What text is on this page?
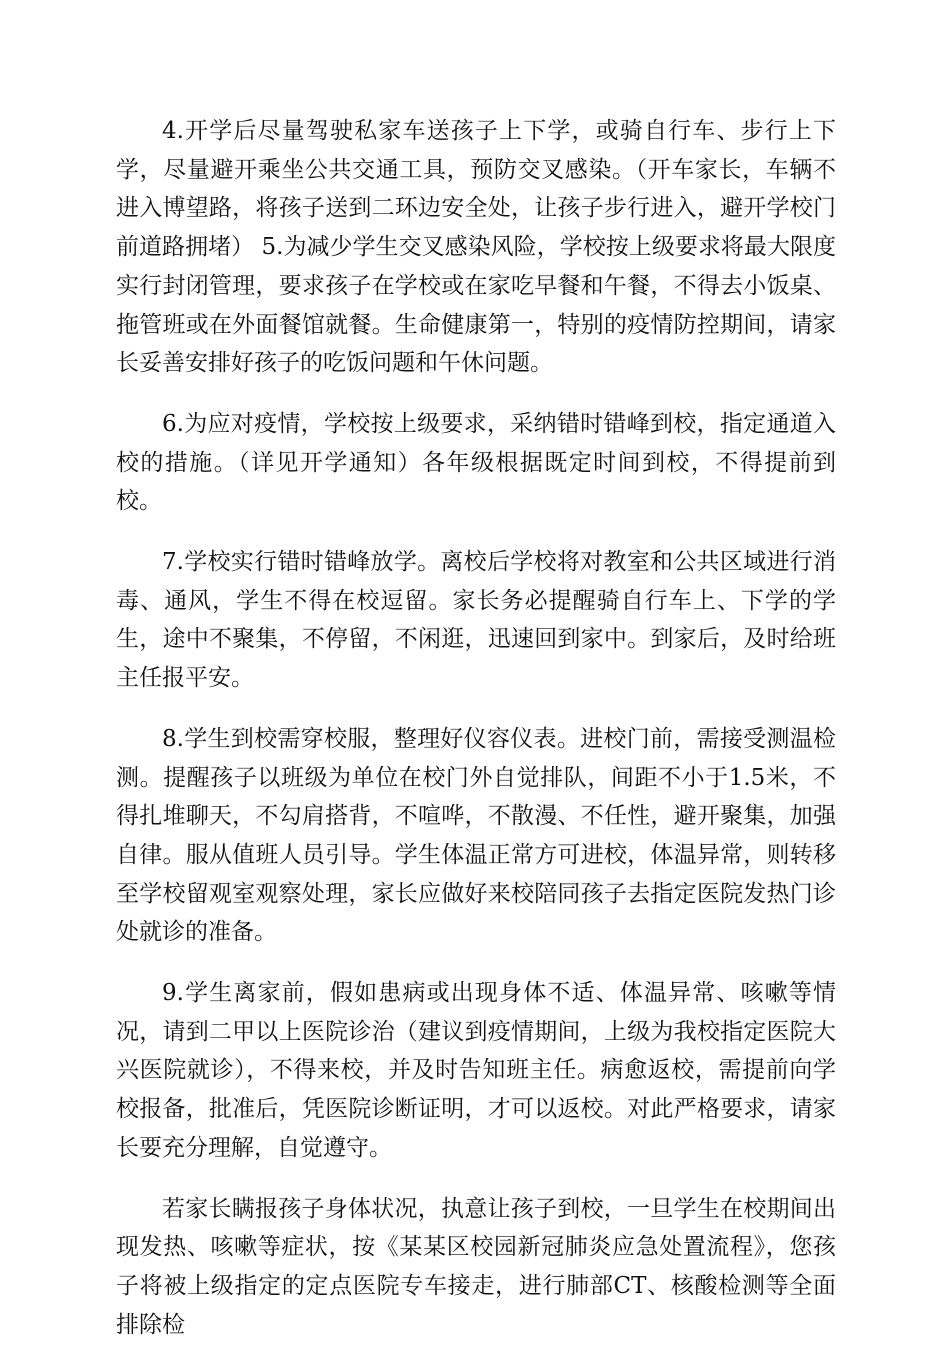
4.开学后尽量驾驶私家车送孩子上下学，或骑自行车、步行上下学，尽量避开乘坐公共交通工具，预防交叉感染。（开车家长，车辆不进入博望路，将孩子送到二环边安全处，让孩子步行进入，避开学校门前道路拥堵） 5.为减少学生交叉感染风险，学校按上级要求将最大限度实行封闭管理，要求孩子在学校或在家吃早餐和午餐，不得去小饭桌、拖管班或在外面餐馆就餐。生命健康第一，特别的疫情防控期间，请家长妥善安排好孩子的吃饭问题和午休问题。

6.为应对疫情，学校按上级要求，采纳错时错峰到校，指定通道入校的措施。（详见开学通知）各年级根据既定时间到校，不得提前到校。

7.学校实行错时错峰放学。离校后学校将对教室和公共区域进行消毒、通风，学生不得在校逗留。家长务必提醒骑自行车上、下学的学生，途中不聚集，不停留，不闲逛，迅速回到家中。到家后，及时给班主任报平安。

8.学生到校需穿校服，整理好仪容仪表。进校门前，需接受测温检测。提醒孩子以班级为单位在校门外自觉排队，间距不小于1.5米，不得扎堆聊天，不勾肩搭背，不喧哗，不散漫、不任性，避开聚集，加强自律。服从值班人员引导。学生体温正常方可进校，体温异常，则转移至学校留观室观察处理，家长应做好来校陪同孩子去指定医院发热门诊处就诊的准备。

9.学生离家前，假如患病或出现身体不适、体温异常、咳嗽等情况，请到二甲以上医院诊治（建议到疫情期间，上级为我校指定医院大兴医院就诊），不得来校，并及时告知班主任。病愈返校，需提前向学校报备，批准后，凭医院诊断证明，才可以返校。对此严格要求，请家长要充分理解，自觉遵守。

若家长瞒报孩子身体状况，执意让孩子到校，一旦学生在校期间出现发热、咳嗽等症状，按《某某区校园新冠肺炎应急处置流程》，您孩子将被上级指定的定点医院专车接走，进行肺部CT、核酸检测等全面排除检
